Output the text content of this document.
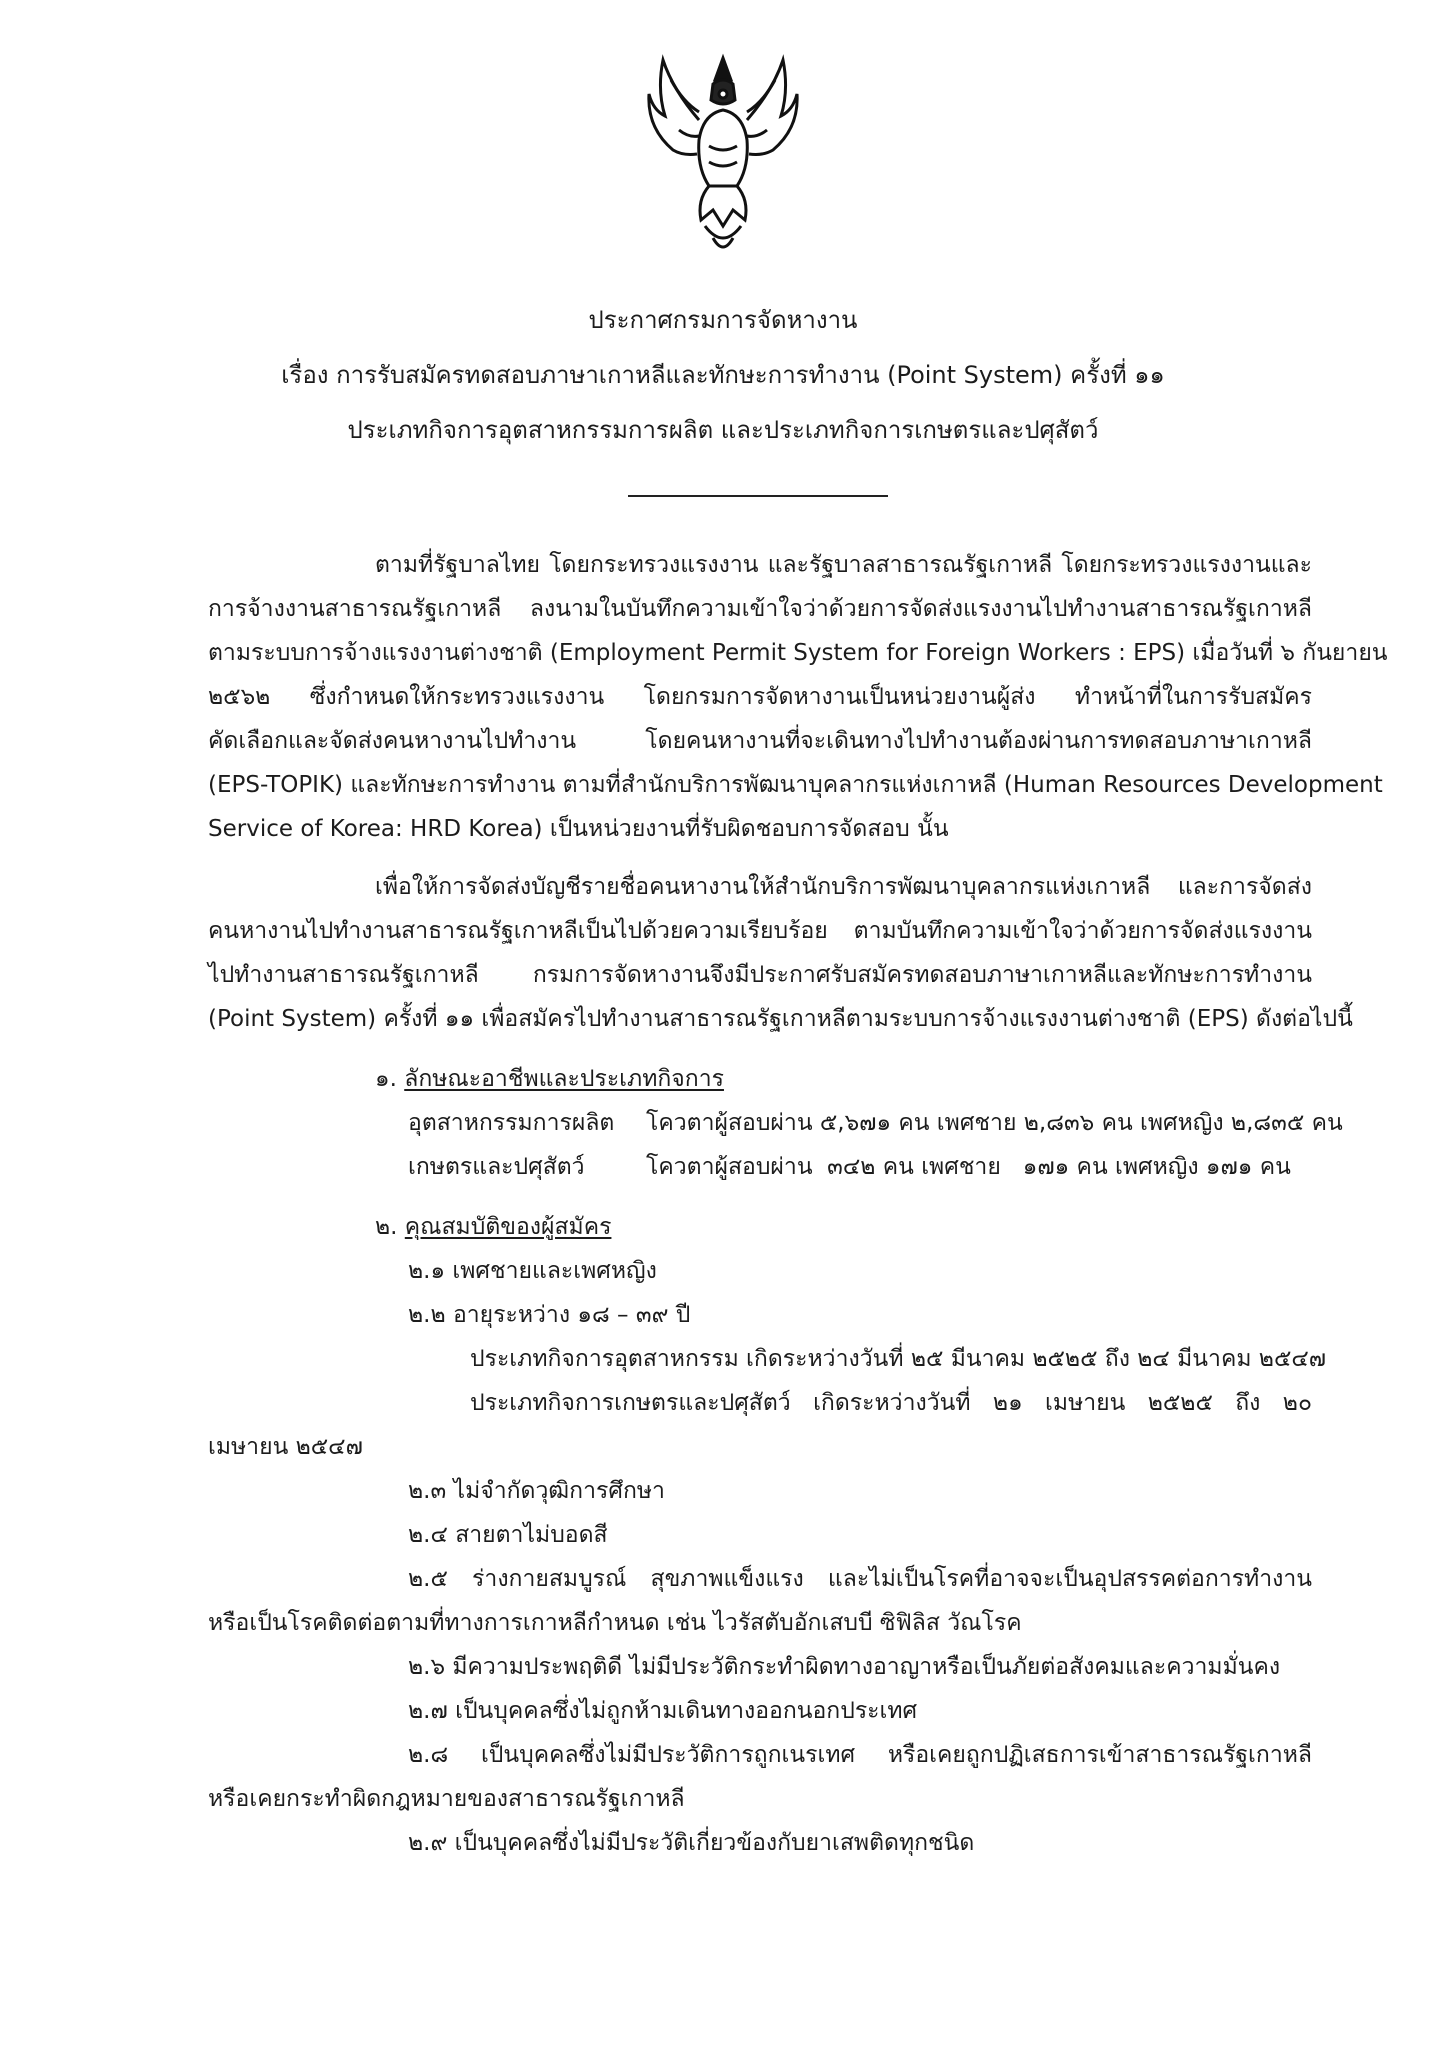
ประกาศกรมการจัดหางาน
เรื่อง การรับสมัครทดสอบภาษาเกาหลีและทักษะการทำงาน (Point System) ครั้งที่ ๑๑
ประเภทกิจการอุตสาหกรรมการผลิต และประเภทกิจการเกษตรและปศุสัตว์
ตามที่รัฐบาลไทย โดยกระทรวงแรงงาน และรัฐบาลสาธารณรัฐเกาหลี โดยกระทรวงแรงงานและ
การจ้างงานสาธารณรัฐเกาหลี ลงนามในบันทึกความเข้าใจว่าด้วยการจัดส่งแรงงานไปทำงานสาธารณรัฐเกาหลี
ตามระบบการจ้างแรงงานต่างชาติ (Employment Permit System for Foreign Workers : EPS) เมื่อวันที่ ๖ กันยายน
๒๕๖๒ ซึ่งกำหนดให้กระทรวงแรงงาน โดยกรมการจัดหางานเป็นหน่วยงานผู้ส่ง ทำหน้าที่ในการรับสมัคร
คัดเลือกและจัดส่งคนหางานไปทำงาน โดยคนหางานที่จะเดินทางไปทำงานต้องผ่านการทดสอบภาษาเกาหลี
(EPS-TOPIK) และทักษะการทำงาน ตามที่สำนักบริการพัฒนาบุคลากรแห่งเกาหลี (Human Resources Development
Service of Korea: HRD Korea) เป็นหน่วยงานที่รับผิดชอบการจัดสอบ นั้น
เพื่อให้การจัดส่งบัญชีรายชื่อคนหางานให้สำนักบริการพัฒนาบุคลากรแห่งเกาหลี และการจัดส่ง
คนหางานไปทำงานสาธารณรัฐเกาหลีเป็นไปด้วยความเรียบร้อย ตามบันทึกความเข้าใจว่าด้วยการจัดส่งแรงงาน
ไปทำงานสาธารณรัฐเกาหลี กรมการจัดหางานจึงมีประกาศรับสมัครทดสอบภาษาเกาหลีและทักษะการทำงาน
(Point System) ครั้งที่ ๑๑ เพื่อสมัครไปทำงานสาธารณรัฐเกาหลีตามระบบการจ้างแรงงานต่างชาติ (EPS) ดังต่อไปนี้
๑. ลักษณะอาชีพและประเภทกิจการ
อุตสาหกรรมการผลิต โควตาผู้สอบผ่าน ๕,๖๗๑ คน เพศชาย ๒,๘๓๖ คน เพศหญิง ๒,๘๓๕ คน
เกษตรและปศุสัตว์	โควตาผู้สอบผ่าน  ๓๔๒ คน เพศชาย   ๑๗๑ คน เพศหญิง ๑๗๑ คน
๒. คุณสมบัติของผู้สมัคร
๒.๑ เพศชายและเพศหญิง
๒.๒ อายุระหว่าง ๑๘ – ๓๙ ปี
ประเภทกิจการอุตสาหกรรม เกิดระหว่างวันที่ ๒๕ มีนาคม ๒๕๒๕ ถึง ๒๔ มีนาคม ๒๕๔๗
ประเภทกิจการเกษตรและปศุสัตว์ เกิดระหว่างวันที่ ๒๑ เมษายน ๒๕๒๕ ถึง ๒๐
เมษายน ๒๕๔๗
๒.๓ ไม่จำกัดวุฒิการศึกษา
๒.๔ สายตาไม่บอดสี
๒.๕ ร่างกายสมบูรณ์ สุขภาพแข็งแรง และไม่เป็นโรคที่อาจจะเป็นอุปสรรคต่อการทำงาน
หรือเป็นโรคติดต่อตามที่ทางการเกาหลีกำหนด เช่น ไวรัสตับอักเสบบี ซิฟิลิส วัณโรค
๒.๖ มีความประพฤติดี ไม่มีประวัติกระทำผิดทางอาญาหรือเป็นภัยต่อสังคมและความมั่นคง
๒.๗ เป็นบุคคลซึ่งไม่ถูกห้ามเดินทางออกนอกประเทศ
๒.๘ เป็นบุคคลซึ่งไม่มีประวัติการถูกเนรเทศ หรือเคยถูกปฏิเสธการเข้าสาธารณรัฐเกาหลี
หรือเคยกระทำผิดกฎหมายของสาธารณรัฐเกาหลี
๒.๙ เป็นบุคคลซึ่งไม่มีประวัติเกี่ยวข้องกับยาเสพติดทุกชนิด
